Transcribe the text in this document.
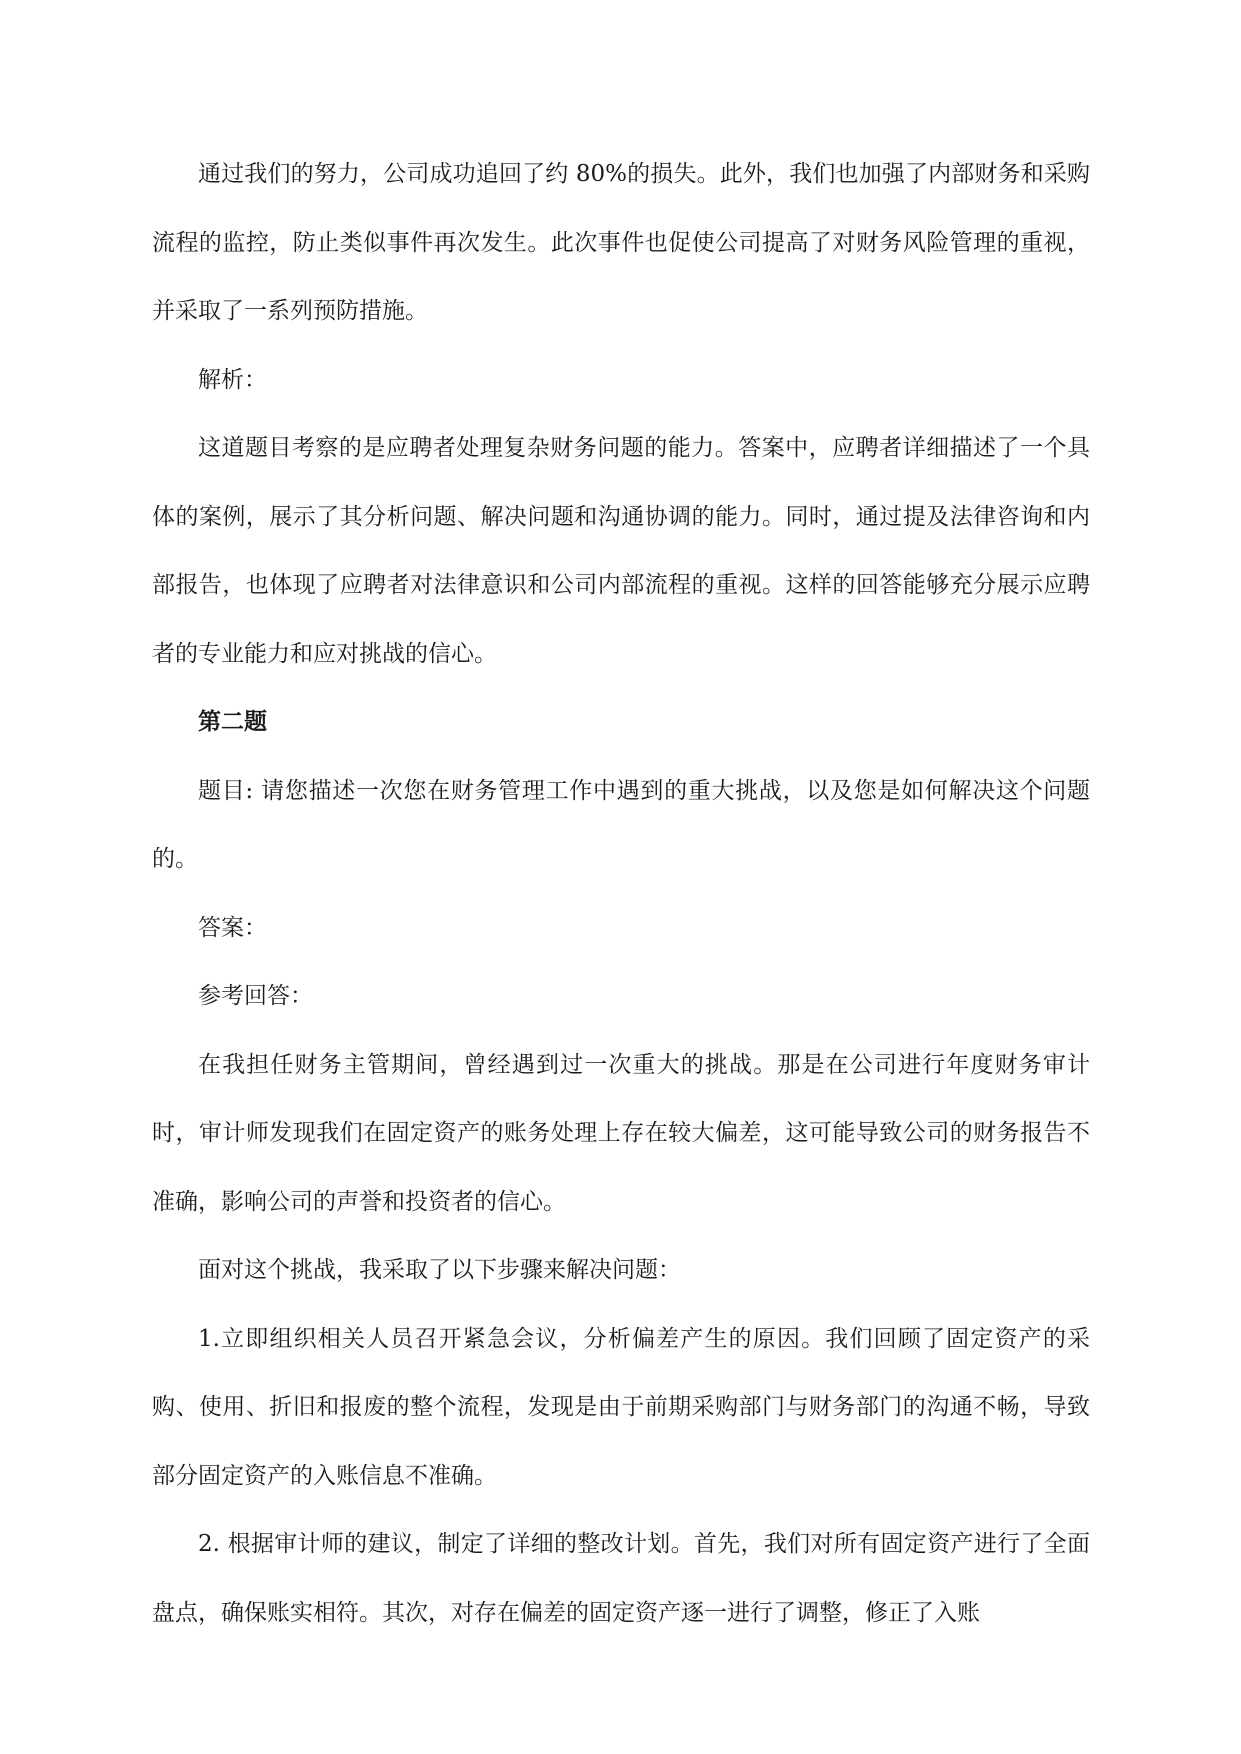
通过我们的努力，公司成功追回了约 80%的损失。此外，我们也加强了内部财务和采购流程的监控，防止类似事件再次发生。此次事件也促使公司提高了对财务风险管理的重视，并采取了一系列预防措施。

解析：

这道题目考察的是应聘者处理复杂财务问题的能力。答案中，应聘者详细描述了一个具体的案例，展示了其分析问题、解决问题和沟通协调的能力。同时，通过提及法律咨询和内部报告，也体现了应聘者对法律意识和公司内部流程的重视。这样的回答能够充分展示应聘者的专业能力和应对挑战的信心。

第二题

题目: 请您描述一次您在财务管理工作中遇到的重大挑战，以及您是如何解决这个问题的。

答案：

参考回答：

在我担任财务主管期间，曾经遇到过一次重大的挑战。那是在公司进行年度财务审计时，审计师发现我们在固定资产的账务处理上存在较大偏差，这可能导致公司的财务报告不准确，影响公司的声誉和投资者的信心。

面对这个挑战，我采取了以下步骤来解决问题：

1.立即组织相关人员召开紧急会议，分析偏差产生的原因。我们回顾了固定资产的采购、使用、折旧和报废的整个流程，发现是由于前期采购部门与财务部门的沟通不畅，导致部分固定资产的入账信息不准确。

2. 根据审计师的建议，制定了详细的整改计划。首先，我们对所有固定资产进行了全面盘点，确保账实相符。其次，对存在偏差的固定资产逐一进行了调整，修正了入账
